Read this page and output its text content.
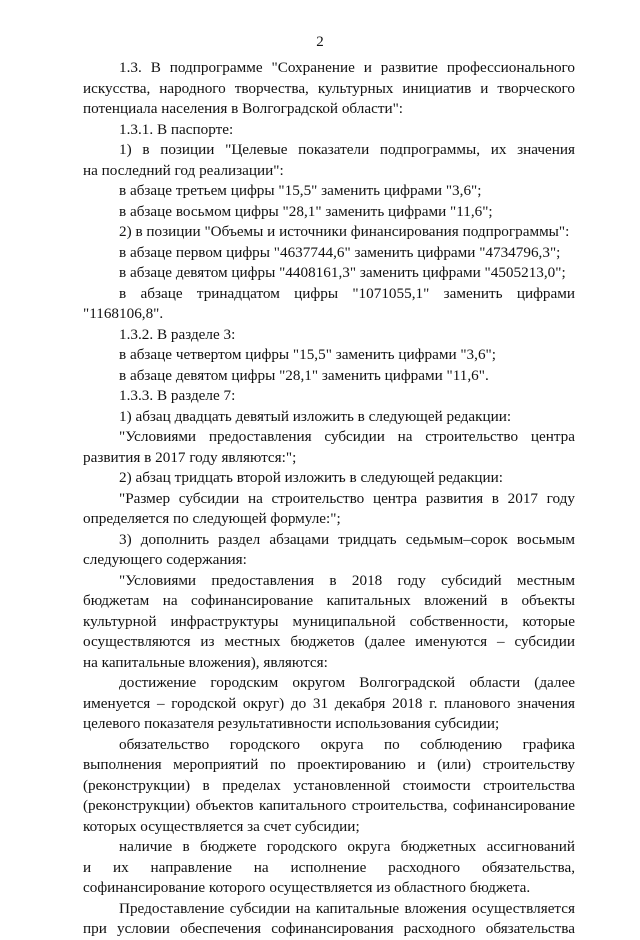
2
1.3. В подпрограмме "Сохранение и развитие профессионального
искусства, народного творчества, культурных инициатив и творческого
потенциала населения в Волгоградской области":
1.3.1. В паспорте:
1) в позиции "Целевые показатели подпрограммы, их значения
на последний год реализации":
в абзаце третьем цифры "15,5" заменить цифрами "3,6";
в абзаце восьмом цифры "28,1" заменить цифрами "11,6";
2) в позиции "Объемы и источники финансирования подпрограммы":
в абзаце первом цифры "4637744,6" заменить цифрами "4734796,3";
в абзаце девятом цифры "4408161,3" заменить цифрами "4505213,0";
в абзаце тринадцатом цифры "1071055,1" заменить цифрами
"1168106,8".
1.3.2. В разделе 3:
в абзаце четвертом цифры "15,5" заменить цифрами "3,6";
в абзаце девятом цифры "28,1" заменить цифрами "11,6".
1.3.3. В разделе 7:
1) абзац двадцать девятый изложить в следующей редакции:
"Условиями предоставления субсидии на строительство центра
развития в 2017 году являются:";
2) абзац тридцать второй изложить в следующей редакции:
"Размер субсидии на строительство центра развития в 2017 году
определяется по следующей формуле:";
3) дополнить раздел абзацами тридцать седьмым–сорок восьмым
следующего содержания:
"Условиями предоставления в 2018 году субсидий местным
бюджетам на софинансирование капитальных вложений в объекты
культурной инфраструктуры муниципальной собственности, которые
осуществляются из местных бюджетов (далее именуются – субсидии
на капитальные вложения), являются:
достижение городским округом Волгоградской области (далее
именуется – городской округ) до 31 декабря 2018 г. планового значения
целевого показателя результативности использования субсидии;
обязательство городского округа по соблюдению графика
выполнения мероприятий по проектированию и (или) строительству
(реконструкции) в пределах установленной стоимости строительства
(реконструкции) объектов капитального строительства, софинансирование
которых осуществляется за счет субсидии;
наличие в бюджете городского округа бюджетных ассигнований
и их направление на исполнение расходного обязательства,
софинансирование которого осуществляется из областного бюджета.
Предоставление субсидии на капитальные вложения осуществляется
при условии обеспечения софинансирования расходного обязательства
